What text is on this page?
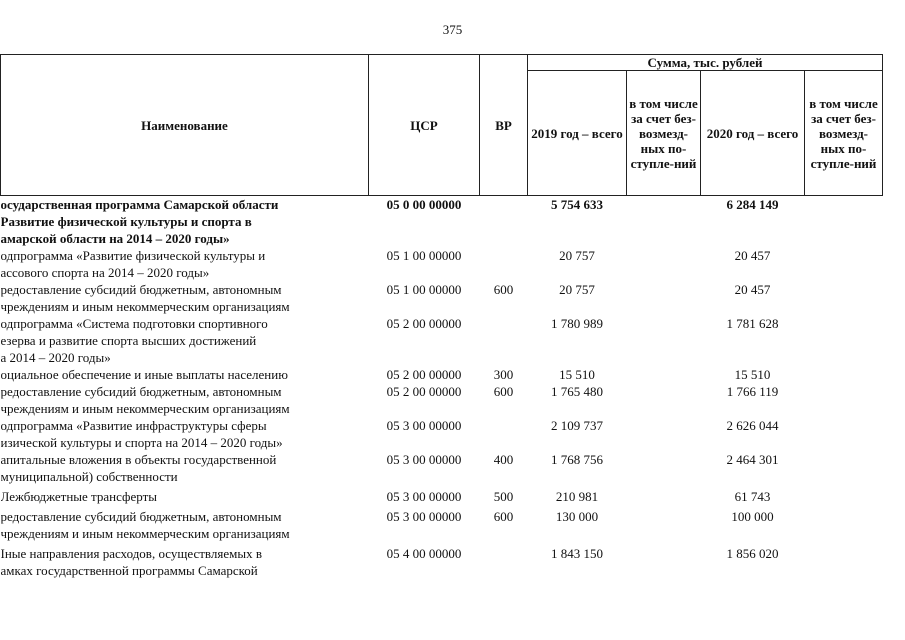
375
Наименование	ЦСР	ВР	Сумма, тыс. рублей			
			2019 год – всего	в том числе за счет без-возмезд-ных по-ступле-ний	2020 год – всего	в том числе за счет без-возмезд-ных по-ступле-ний
осударственная программа Самарской области
Развитие физической культуры и спорта в
амарской области на 2014 – 2020 годы»	05 0 00 00000		5 754 633		6 284 149	
одпрограмма «Развитие физической культуры и
ассового спорта на 2014 – 2020 годы»	05 1 00 00000		20 757		20 457	
редоставление субсидий бюджетным, автономным
чреждениям и иным некоммерческим организациям	05 1 00 00000	600	20 757		20 457	
одпрограмма «Система подготовки спортивного
езерва и развитие спорта высших достижений
а 2014 – 2020 годы»	05 2 00 00000		1 780 989		1 781 628	
оциальное обеспечение и иные выплаты населению	05 2 00 00000	300	15 510		15 510	
редоставление субсидий бюджетным, автономным
чреждениям и иным некоммерческим организациям	05 2 00 00000	600	1 765 480		1 766 119	
одпрограмма «Развитие инфраструктуры сферы
изической культуры и спорта на 2014 – 2020 годы»	05 3 00 00000		2 109 737		2 626 044	
апитальные вложения в объекты государственной
муниципальной) собственности	05 3 00 00000	400	1 768 756		2 464 301	
Лежбюджетные трансферты	05 3 00 00000	500	210 981		61 743	
редоставление субсидий бюджетным, автономным
чреждениям и иным некоммерческим организациям	05 3 00 00000	600	130 000		100 000	
Іные направления расходов, осуществляемых в
амках государственной программы Самарской	05 4 00 00000		1 843 150		1 856 020	
